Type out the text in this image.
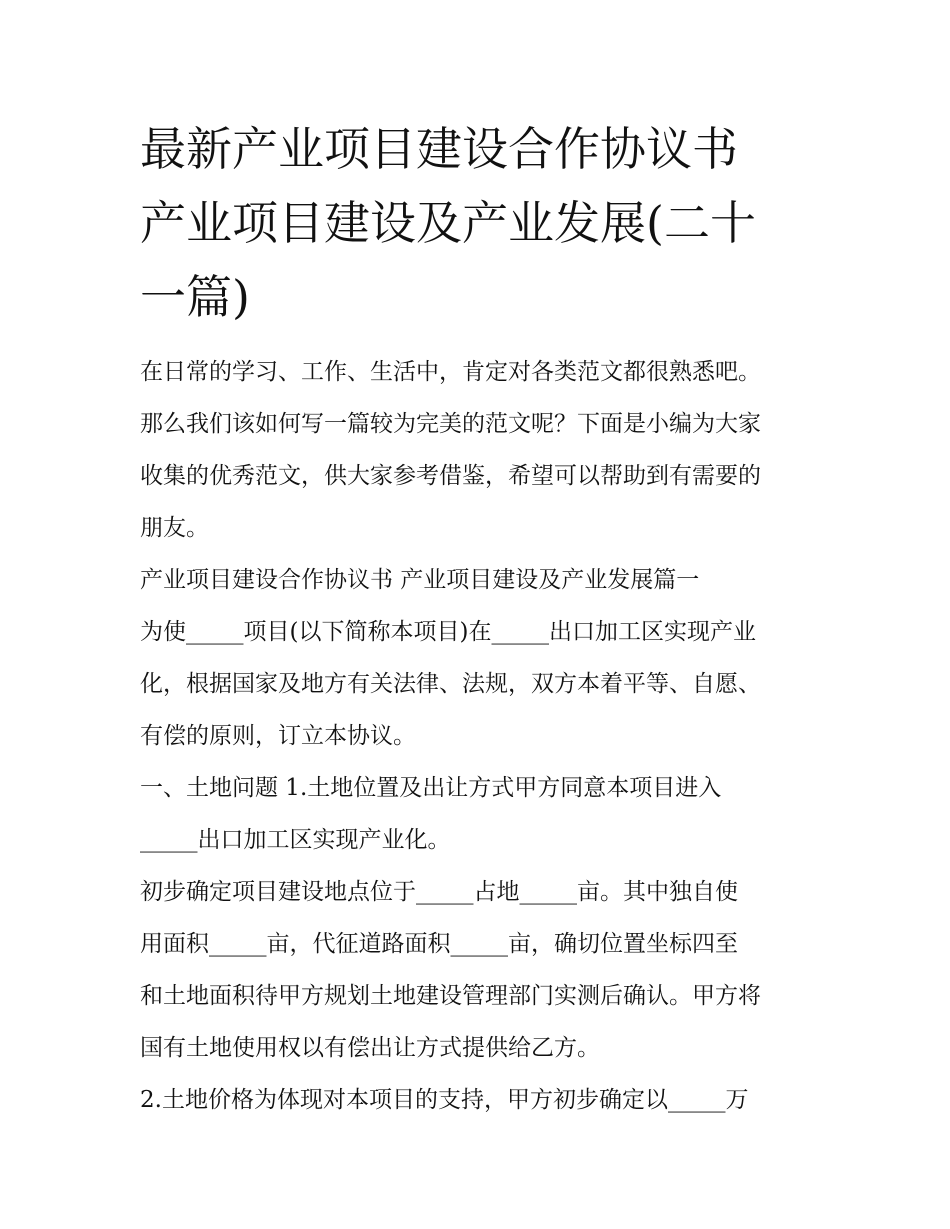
最新产业项目建设合作协议书
产业项目建设及产业发展(二十
一篇)
在日常的学习、工作、生活中，肯定对各类范文都很熟悉吧。
那么我们该如何写一篇较为完美的范文呢？下面是小编为大家
收集的优秀范文，供大家参考借鉴，希望可以帮助到有需要的
朋友。
产业项目建设合作协议书 产业项目建设及产业发展篇一
为使_____项目(以下简称本项目)在_____出口加工区实现产业
化，根据国家及地方有关法律、法规，双方本着平等、自愿、
有偿的原则，订立本协议。
一、土地问题 1.土地位置及出让方式甲方同意本项目进入
_____出口加工区实现产业化。
初步确定项目建设地点位于_____占地_____亩。其中独自使
用面积_____亩，代征道路面积_____亩，确切位置坐标四至
和土地面积待甲方规划土地建设管理部门实测后确认。甲方将
国有土地使用权以有偿出让方式提供给乙方。
2.土地价格为体现对本项目的支持，甲方初步确定以_____万
